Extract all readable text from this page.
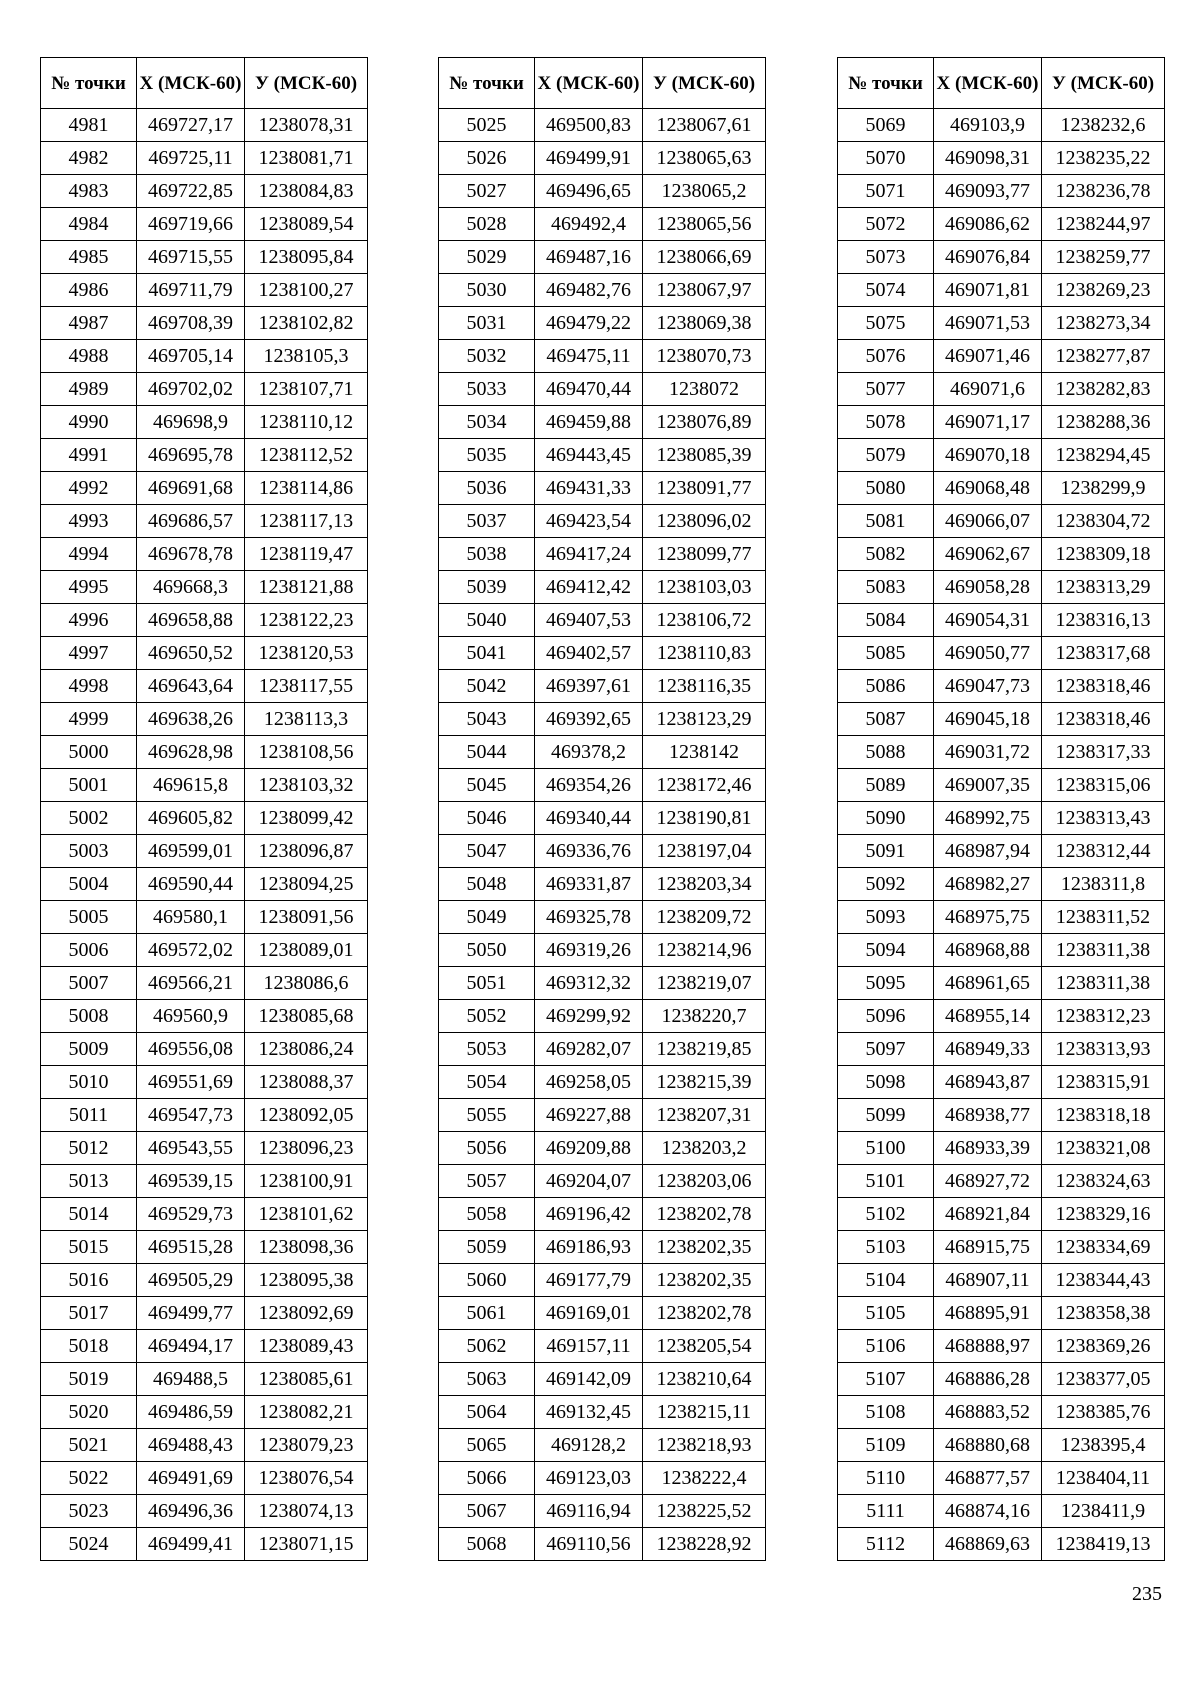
№ точки	Х (МСК-60)	У (МСК-60)
4981	469727,17	1238078,31
4982	469725,11	1238081,71
4983	469722,85	1238084,83
4984	469719,66	1238089,54
4985	469715,55	1238095,84
4986	469711,79	1238100,27
4987	469708,39	1238102,82
4988	469705,14	1238105,3
4989	469702,02	1238107,71
4990	469698,9	1238110,12
4991	469695,78	1238112,52
4992	469691,68	1238114,86
4993	469686,57	1238117,13
4994	469678,78	1238119,47
4995	469668,3	1238121,88
4996	469658,88	1238122,23
4997	469650,52	1238120,53
4998	469643,64	1238117,55
4999	469638,26	1238113,3
5000	469628,98	1238108,56
5001	469615,8	1238103,32
5002	469605,82	1238099,42
5003	469599,01	1238096,87
5004	469590,44	1238094,25
5005	469580,1	1238091,56
5006	469572,02	1238089,01
5007	469566,21	1238086,6
5008	469560,9	1238085,68
5009	469556,08	1238086,24
5010	469551,69	1238088,37
5011	469547,73	1238092,05
5012	469543,55	1238096,23
5013	469539,15	1238100,91
5014	469529,73	1238101,62
5015	469515,28	1238098,36
5016	469505,29	1238095,38
5017	469499,77	1238092,69
5018	469494,17	1238089,43
5019	469488,5	1238085,61
5020	469486,59	1238082,21
5021	469488,43	1238079,23
5022	469491,69	1238076,54
5023	469496,36	1238074,13
5024	469499,41	1238071,15
№ точки	Х (МСК-60)	У (МСК-60)
5025	469500,83	1238067,61
5026	469499,91	1238065,63
5027	469496,65	1238065,2
5028	469492,4	1238065,56
5029	469487,16	1238066,69
5030	469482,76	1238067,97
5031	469479,22	1238069,38
5032	469475,11	1238070,73
5033	469470,44	1238072
5034	469459,88	1238076,89
5035	469443,45	1238085,39
5036	469431,33	1238091,77
5037	469423,54	1238096,02
5038	469417,24	1238099,77
5039	469412,42	1238103,03
5040	469407,53	1238106,72
5041	469402,57	1238110,83
5042	469397,61	1238116,35
5043	469392,65	1238123,29
5044	469378,2	1238142
5045	469354,26	1238172,46
5046	469340,44	1238190,81
5047	469336,76	1238197,04
5048	469331,87	1238203,34
5049	469325,78	1238209,72
5050	469319,26	1238214,96
5051	469312,32	1238219,07
5052	469299,92	1238220,7
5053	469282,07	1238219,85
5054	469258,05	1238215,39
5055	469227,88	1238207,31
5056	469209,88	1238203,2
5057	469204,07	1238203,06
5058	469196,42	1238202,78
5059	469186,93	1238202,35
5060	469177,79	1238202,35
5061	469169,01	1238202,78
5062	469157,11	1238205,54
5063	469142,09	1238210,64
5064	469132,45	1238215,11
5065	469128,2	1238218,93
5066	469123,03	1238222,4
5067	469116,94	1238225,52
5068	469110,56	1238228,92
№ точки	Х (МСК-60)	У (МСК-60)
5069	469103,9	1238232,6
5070	469098,31	1238235,22
5071	469093,77	1238236,78
5072	469086,62	1238244,97
5073	469076,84	1238259,77
5074	469071,81	1238269,23
5075	469071,53	1238273,34
5076	469071,46	1238277,87
5077	469071,6	1238282,83
5078	469071,17	1238288,36
5079	469070,18	1238294,45
5080	469068,48	1238299,9
5081	469066,07	1238304,72
5082	469062,67	1238309,18
5083	469058,28	1238313,29
5084	469054,31	1238316,13
5085	469050,77	1238317,68
5086	469047,73	1238318,46
5087	469045,18	1238318,46
5088	469031,72	1238317,33
5089	469007,35	1238315,06
5090	468992,75	1238313,43
5091	468987,94	1238312,44
5092	468982,27	1238311,8
5093	468975,75	1238311,52
5094	468968,88	1238311,38
5095	468961,65	1238311,38
5096	468955,14	1238312,23
5097	468949,33	1238313,93
5098	468943,87	1238315,91
5099	468938,77	1238318,18
5100	468933,39	1238321,08
5101	468927,72	1238324,63
5102	468921,84	1238329,16
5103	468915,75	1238334,69
5104	468907,11	1238344,43
5105	468895,91	1238358,38
5106	468888,97	1238369,26
5107	468886,28	1238377,05
5108	468883,52	1238385,76
5109	468880,68	1238395,4
5110	468877,57	1238404,11
5111	468874,16	1238411,9
5112	468869,63	1238419,13
235
